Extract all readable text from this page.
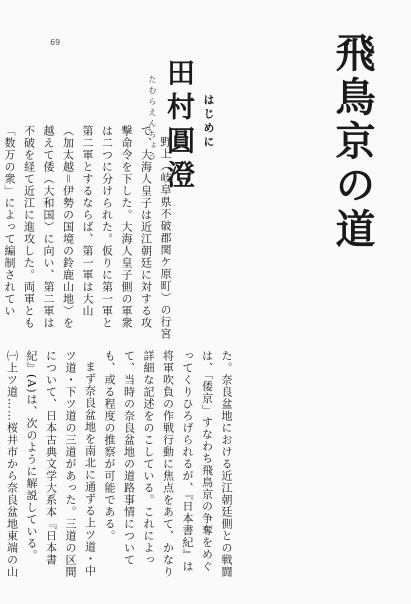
69	飛鳥京の道
たむらえんちょう 田村圓澄 はじめに

野上（岐阜県不破郡関ケ原町）の行宮で、大海人皇子は近江朝廷に対する攻撃命令を下した。大海人皇子側の軍衆は二つに分けられた。仮りに第一軍と第二軍とするならば、第一軍は大山（加太越＝伊勢の国境の鈴鹿山地）を越えて倭（大和国）に向い、第二軍は不破を経て近江に進攻した。両軍とも「数万の衆」によって編制されてい

た。奈良盆地における近江朝廷側との戦闘は、「倭京」すなわち飛鳥京の争奪をめぐってくりひろげられるが、『日本書紀』は将軍吹負の作戦行動に焦点をあて、かなり詳細な記述をのこしている。これによって、当時の奈良盆地の道路事情についても、或る程度の推察が可能である。

まず奈良盆地を南北に通ずる上ツ道・中ツ道・下ツ道の三道があった。三道の区間について、日本古典文学大系本『日本書紀』(A)は、次のように解説している。

㈠上ツ道……桜井市から奈良盆地東端の山
